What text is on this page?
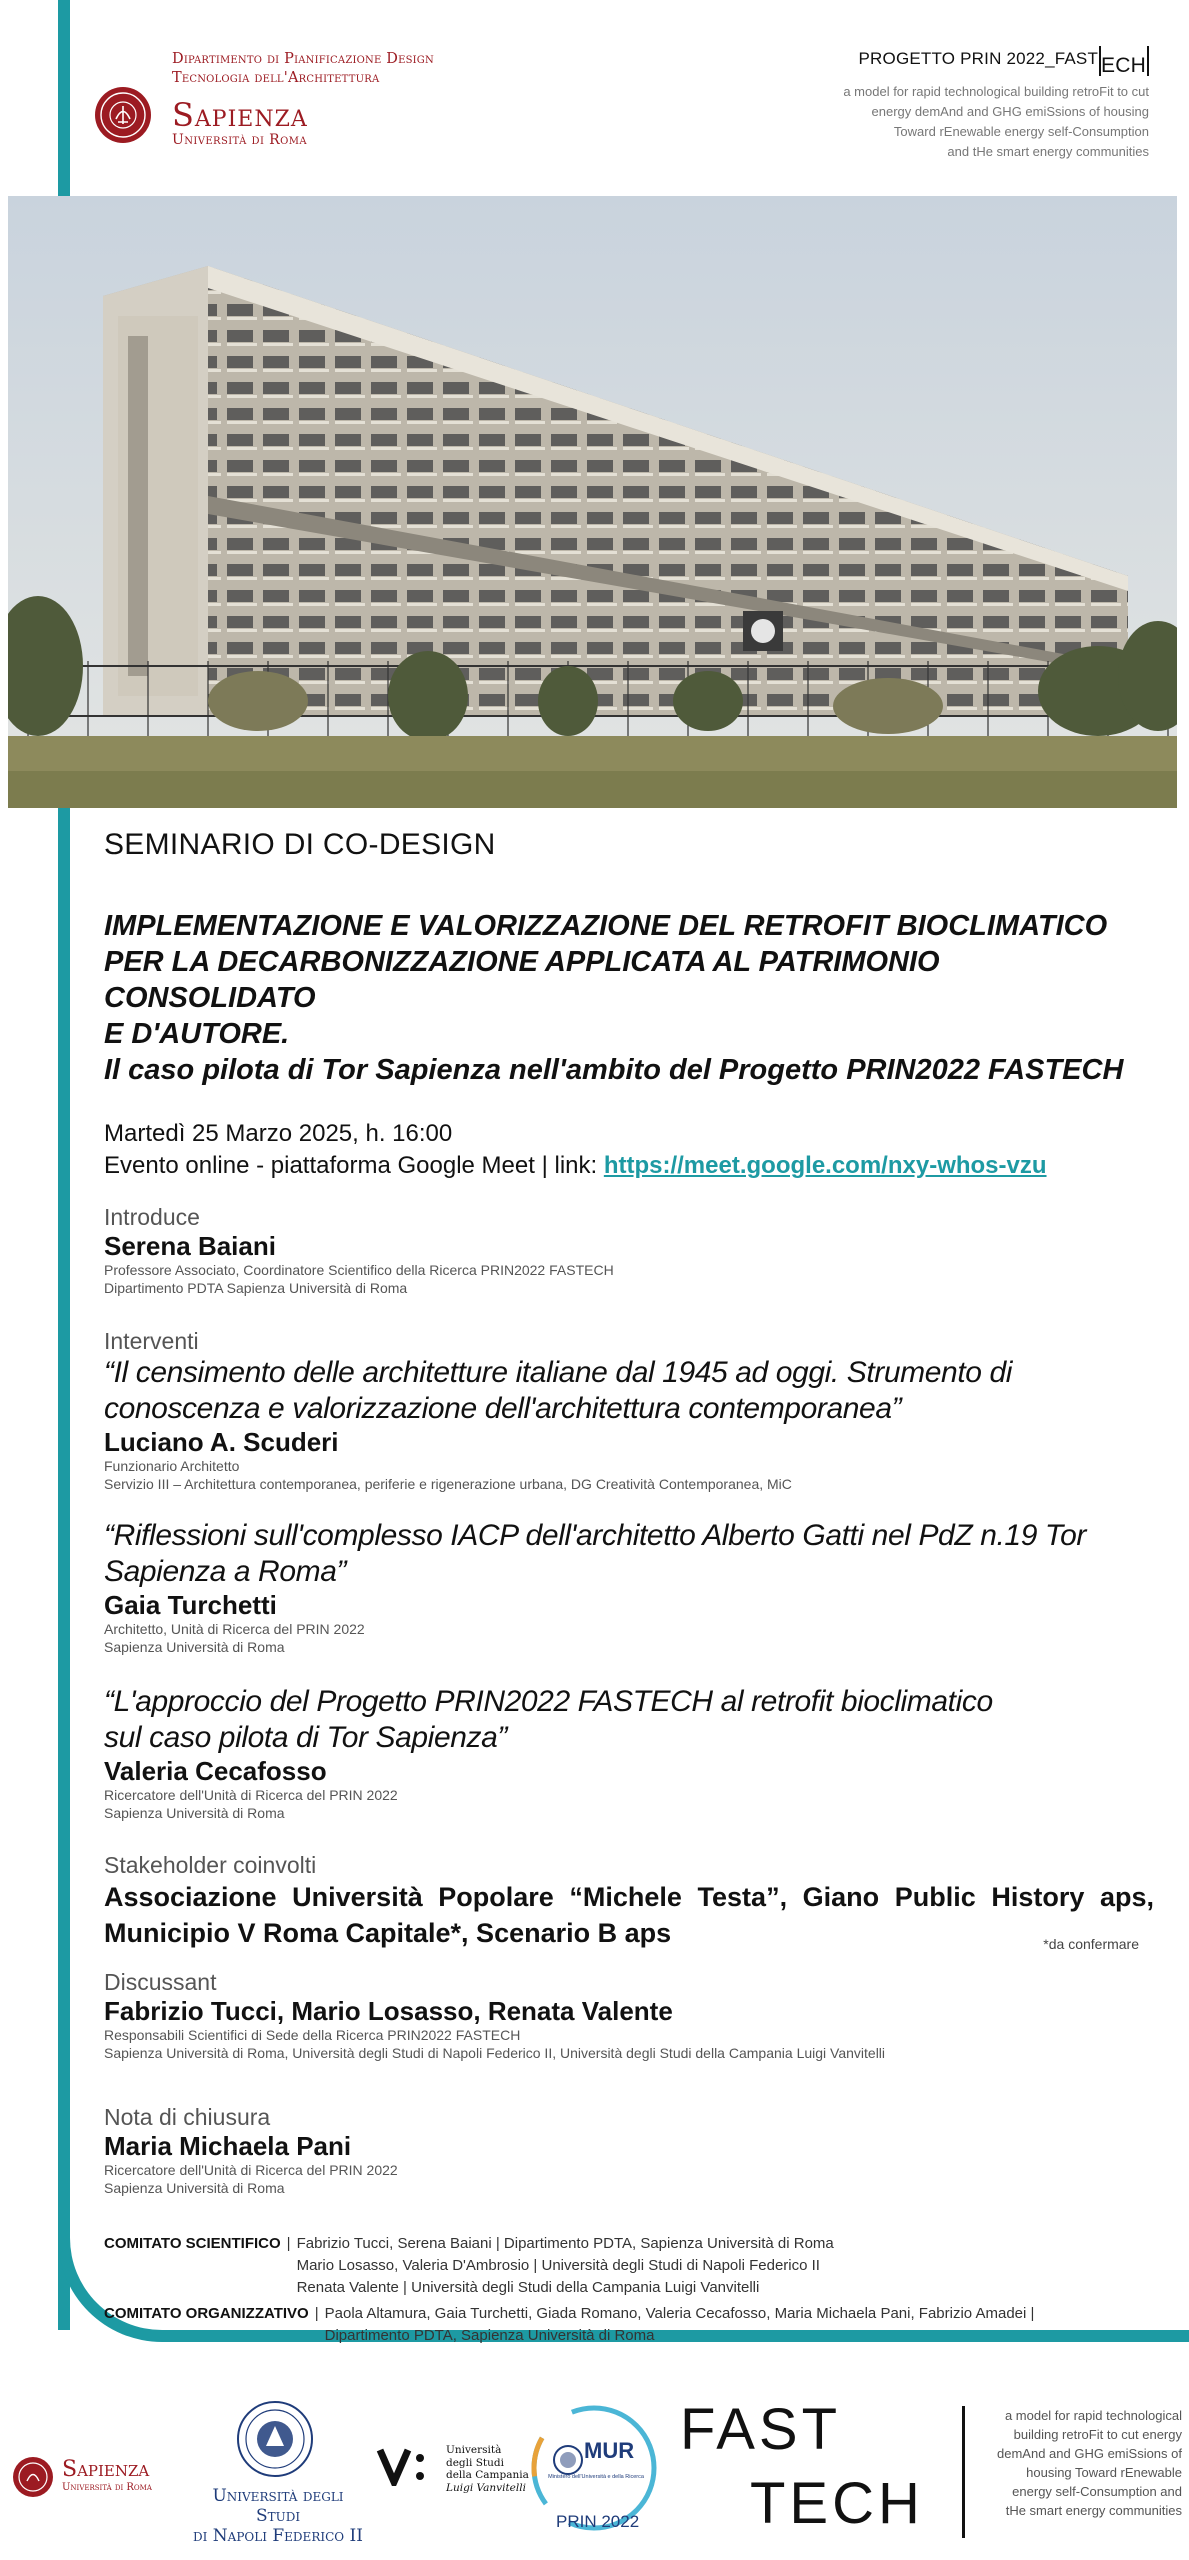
Dipartimento di Pianificazione Design
Tecnologia dell'Architettura
Sapienza
Università di Roma
PROGETTO PRIN 2022_FAST ECH
a model for rapid technological building retroFit to cut
energy demAnd and GHG emiSsions of housing
Toward rEnewable energy self-Consumption
and tHe smart energy communities
SEMINARIO DI CO-DESIGN
IMPLEMENTAZIONE E VALORIZZAZIONE DEL RETROFIT BIOCLIMATICO
PER LA DECARBONIZZAZIONE APPLICATA AL PATRIMONIO CONSOLIDATO
E D'AUTORE.
Il caso pilota di Tor Sapienza nell'ambito del Progetto PRIN2022 FASTECH
Martedì 25 Marzo 2025, h. 16:00
Evento online - piattaforma Google Meet | link: https://meet.google.com/nxy-whos-vzu
Introduce
Serena Baiani
Professore Associato, Coordinatore Scientifico della Ricerca PRIN2022 FASTECH
Dipartimento PDTA Sapienza Università di Roma
Interventi
“Il censimento delle architetture italiane dal 1945 ad oggi. Strumento di
conoscenza e valorizzazione dell'architettura contemporanea”
Luciano A. Scuderi
Funzionario Architetto
Servizio III – Architettura contemporanea, periferie e rigenerazione urbana, DG Creatività Contemporanea, MiC
“Riflessioni sull'complesso IACP dell'architetto Alberto Gatti nel PdZ n.19 Tor
Sapienza a Roma”
Gaia Turchetti
Architetto, Unità di Ricerca del PRIN 2022
Sapienza Università di Roma
“L'approccio del Progetto PRIN2022 FASTECH al retrofit bioclimatico
sul caso pilota di Tor Sapienza”
Valeria Cecafosso
Ricercatore dell'Unità di Ricerca del PRIN 2022
Sapienza Università di Roma
Stakeholder coinvolti
Associazione Università Popolare “Michele Testa”, Giano Public History aps,
Municipio V Roma Capitale*, Scenario B aps	*da confermare
Discussant
Fabrizio Tucci, Mario Losasso, Renata Valente
Responsabili Scientifici di Sede della Ricerca PRIN2022 FASTECH
Sapienza Università di Roma, Università degli Studi di Napoli Federico II, Università degli Studi della Campania Luigi Vanvitelli
Nota di chiusura
Maria Michaela Pani
Ricercatore dell'Unità di Ricerca del PRIN 2022
Sapienza Università di Roma
COMITATO SCIENTIFICO | Fabrizio Tucci, Serena Baiani | Dipartimento PDTA, Sapienza Università di Roma
Mario Losasso, Valeria D'Ambrosio | Università degli Studi di Napoli Federico II
Renata Valente | Università degli Studi della Campania Luigi Vanvitelli
COMITATO ORGANIZZATIVO | Paola Altamura, Gaia Turchetti, Giada Romano, Valeria Cecafosso, Maria Michaela Pani, Fabrizio Amadei |
Dipartimento PDTA, Sapienza Università di Roma
Sapienza
Università di Roma	Università degli Studi
di Napoli Federico II
Università
degli Studi
della Campania
Luigi Vanvitelli
MUR
Ministero dell'Università e della Ricerca
PRIN 2022
FAST
TECH
a model for rapid technological
building retroFit to cut energy
demAnd and GHG emiSsions of
housing Toward rEnewable
energy self-Consumption and
tHe smart energy communities
